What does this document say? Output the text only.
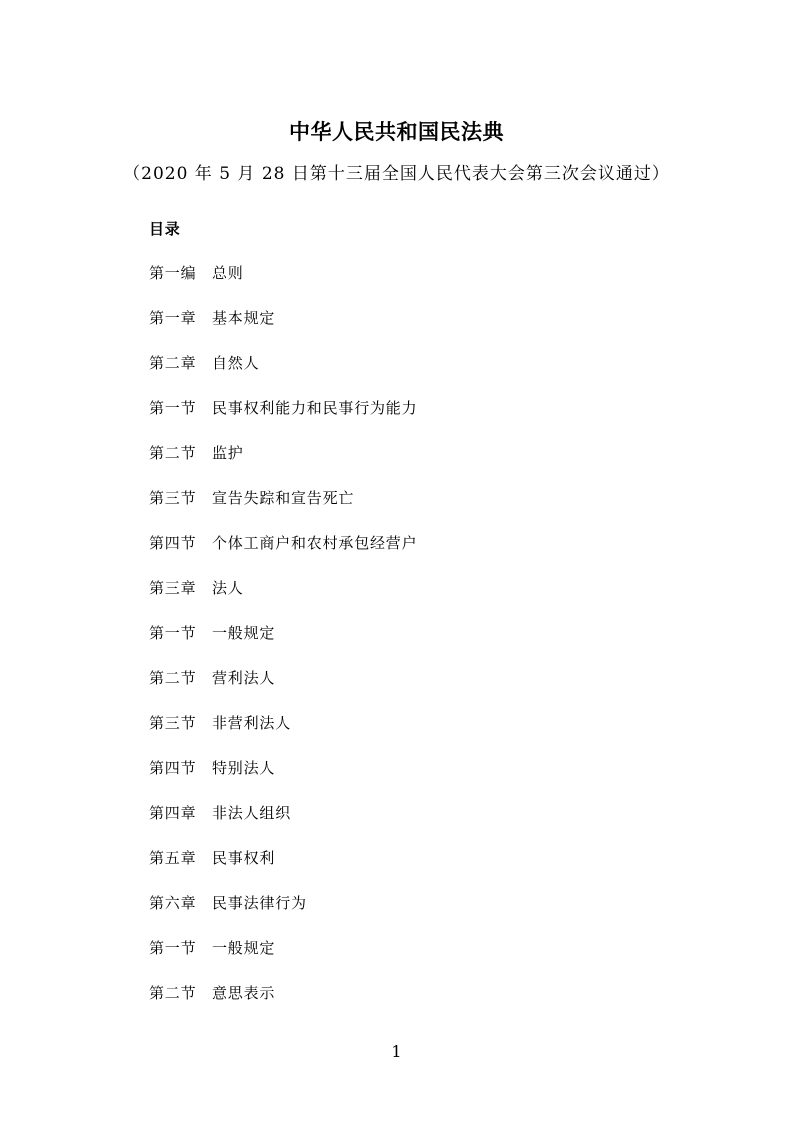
中华人民共和国民法典
（2020 年 5 月 28 日第十三届全国人民代表大会第三次会议通过）
目录
第一编	总则
第一章	基本规定
第二章	自然人
第一节	民事权利能力和民事行为能力
第二节	监护
第三节	宣告失踪和宣告死亡
第四节	个体工商户和农村承包经营户
第三章	法人
第一节	一般规定
第二节	营利法人
第三节	非营利法人
第四节	特别法人
第四章	非法人组织
第五章	民事权利
第六章	民事法律行为
第一节	一般规定
第二节	意思表示
1
